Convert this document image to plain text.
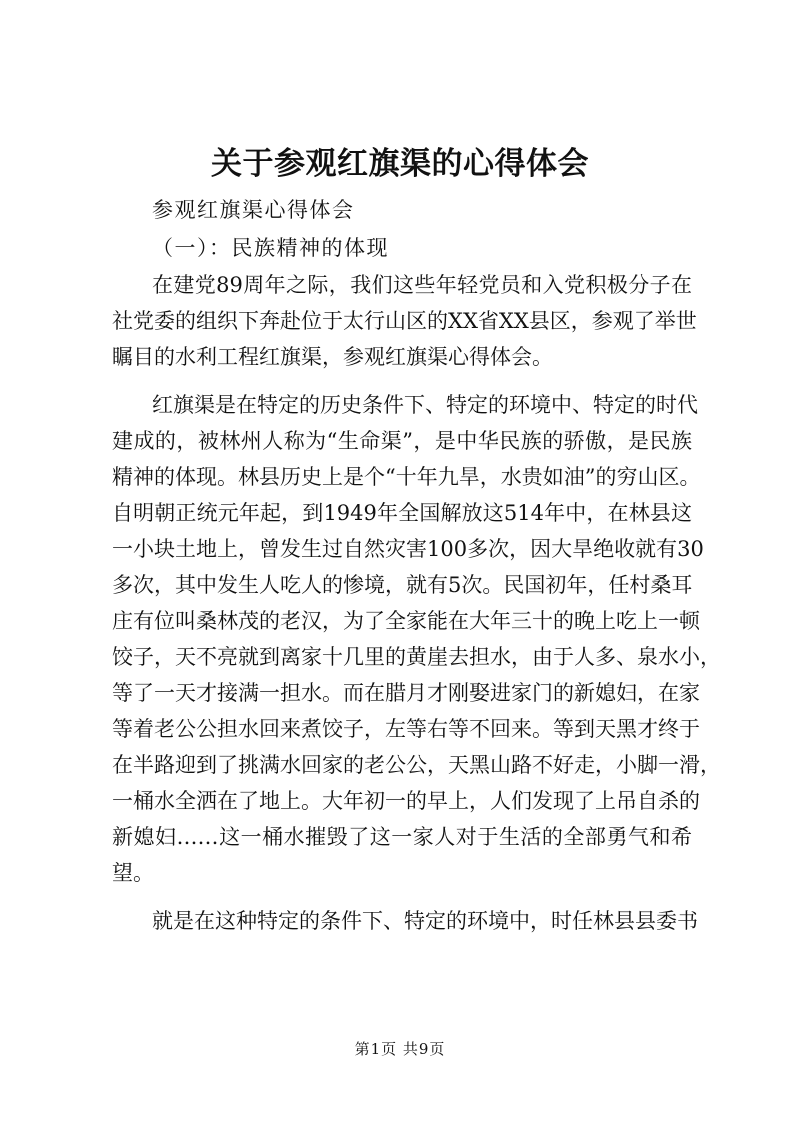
关于参观红旗渠的心得体会
参观红旗渠心得体会
（一）：民族精神的体现
在建党89周年之际，我们这些年轻党员和入党积极分子在
社党委的组织下奔赴位于太行山区的XX省XX县区，参观了举世
瞩目的水利工程红旗渠，参观红旗渠心得体会。
红旗渠是在特定的历史条件下、特定的环境中、特定的时代
建成的，被林州人称为“生命渠”，是中华民族的骄傲，是民族
精神的体现。林县历史上是个“十年九旱，水贵如油”的穷山区。
自明朝正统元年起，到1949年全国解放这514年中，在林县这
一小块土地上，曾发生过自然灾害100多次，因大旱绝收就有30
多次，其中发生人吃人的惨境，就有5次。民国初年，任村桑耳
庄有位叫桑林茂的老汉，为了全家能在大年三十的晚上吃上一顿
饺子，天不亮就到离家十几里的黄崖去担水，由于人多、泉水小，
等了一天才接满一担水。而在腊月才刚娶进家门的新媳妇，在家
等着老公公担水回来煮饺子，左等右等不回来。等到天黑才终于
在半路迎到了挑满水回家的老公公，天黑山路不好走，小脚一滑，
一桶水全洒在了地上。大年初一的早上，人们发现了上吊自杀的
新媳妇……这一桶水摧毁了这一家人对于生活的全部勇气和希
望。
就是在这种特定的条件下、特定的环境中，时任林县县委书
第1页 共9页
